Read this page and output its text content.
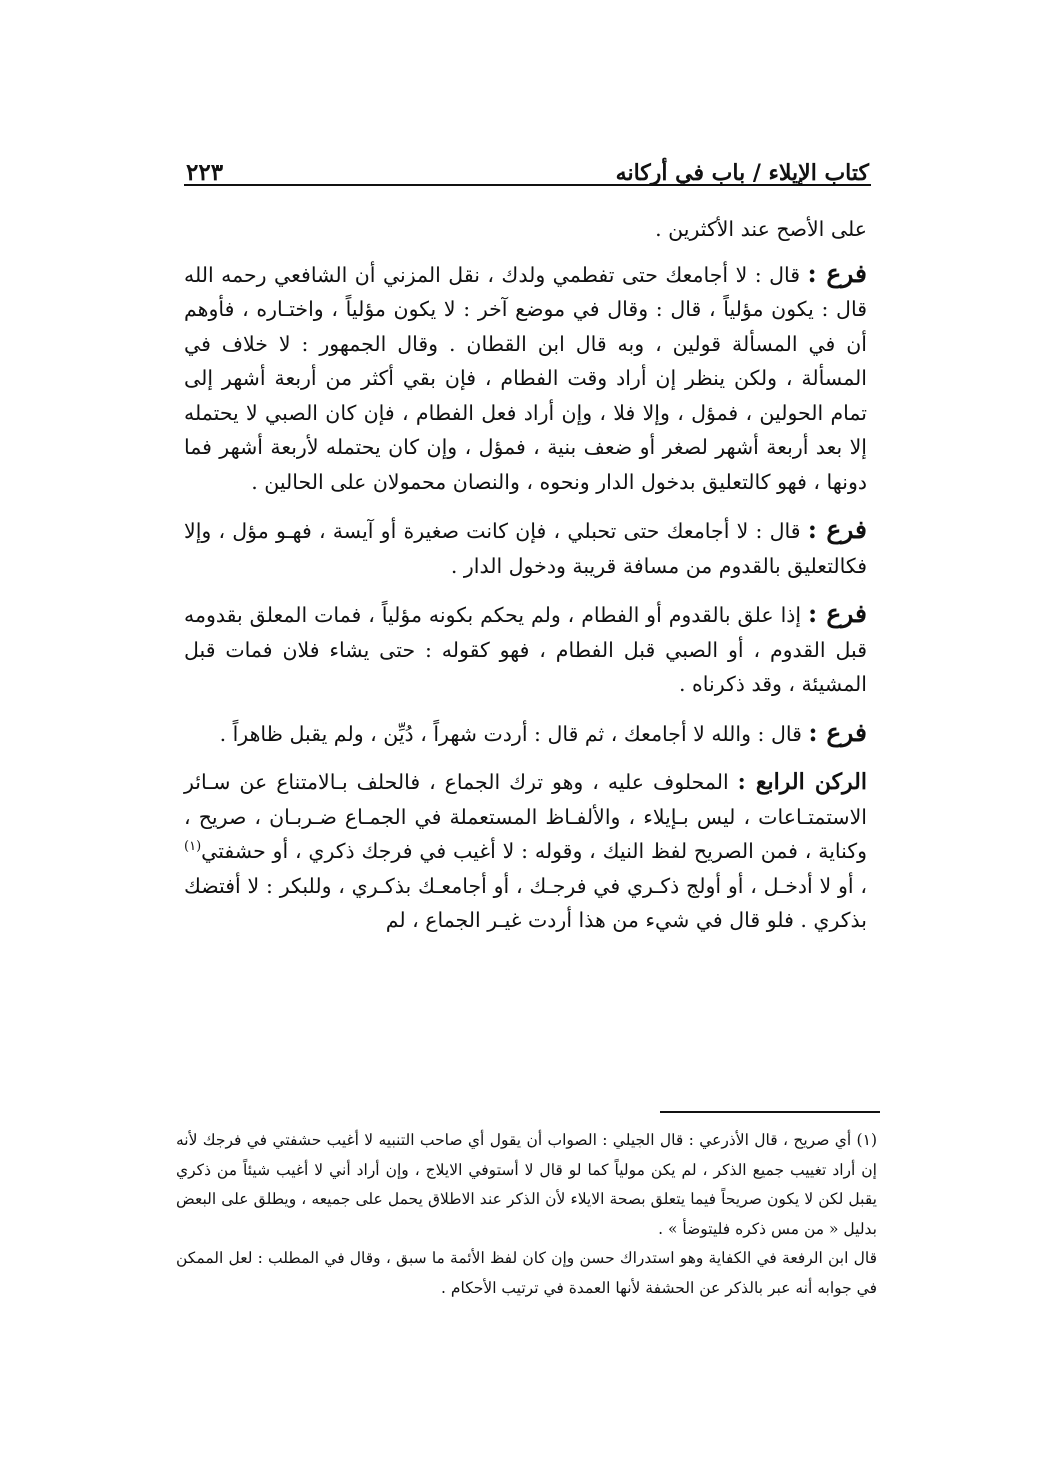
كتاب الإيلاء / باب في أركانه
٢٢٣

على الأصح عند الأكثرين .

فرع : قال : لا أجامعك حتى تفطمي ولدك ، نقل المزني أن الشافعي رحمه الله قال : يكون مؤلياً ، قال : وقال في موضع آخر : لا يكون مؤلياً ، واختـاره ، فأوهم أن في المسألة قولين ، وبه قال ابن القطان . وقال الجمهور : لا خلاف في المسألة ، ولكن ينظر إن أراد وقت الفطام ، فإن بقي أكثر من أربعة أشهر إلى تمام الحولين ، فمؤل ، وإلا فلا ، وإن أراد فعل الفطام ، فإن كان الصبي لا يحتمله إلا بعد أربعة أشهر لصغر أو ضعف بنية ، فمؤل ، وإن كان يحتمله لأربعة أشهر فما دونها ، فهو كالتعليق بدخول الدار ونحوه ، والنصان محمولان على الحالين .

فرع : قال : لا أجامعك حتى تحبلي ، فإن كانت صغيرة أو آيسة ، فهـو مؤل ، وإلا فكالتعليق بالقدوم من مسافة قريبة ودخول الدار .

فرع : إذا علق بالقدوم أو الفطام ، ولم يحكم بكونه مؤلياً ، فمات المعلق بقدومه قبل القدوم ، أو الصبي قبل الفطام ، فهو كقوله : حتى يشاء فلان فمات قبل المشيئة ، وقد ذكرناه .

فرع : قال : والله لا أجامعك ، ثم قال : أردت شهراً ، دُيِّن ، ولم يقبل ظاهراً .

الركن الرابع : المحلوف عليه ، وهو ترك الجماع ، فالحلف بـالامتناع عن سـائر الاستمتـاعات ، ليس بـإيلاء ، والألفـاظ المستعملة في الجمـاع ضـربـان ، صريح ، وكناية ، فمن الصريح لفظ النيك ، وقوله : لا أغيب في فرجك ذكري ، أو حشفتي$^{(١)}$ ، أو لا أدخـل ، أو أولج ذكـري في فرجـك ، أو أجامعـك بذكـري ، وللبكر : لا أفتضك بذكري . فلو قال في شيء من هذا أردت غيـر الجماع ، لم

(١) أي صريح ، قال الأذرعي : قال الجيلي : الصواب أن يقول أي صاحب التنبيه لا أغيب حشفتي في فرجك لأنه إن أراد تغييب جميع الذكر ، لم يكن مولياً كما لو قال لا أستوفي الايلاج ، وإن أراد أني لا أغيب شيئاً من ذكري يقبل لكن لا يكون صريحاً فيما يتعلق بصحة الايلاء لأن الذكر عند الاطلاق يحمل على جميعه ، ويطلق على البعض بدليل « من مس ذكره فليتوضأ » .

قال ابن الرفعة في الكفاية وهو استدراك حسن وإن كان لفظ الأئمة ما سبق ، وقال في المطلب : لعل الممكن في جوابه أنه عبر بالذكر عن الحشفة لأنها العمدة في ترتيب الأحكام .
